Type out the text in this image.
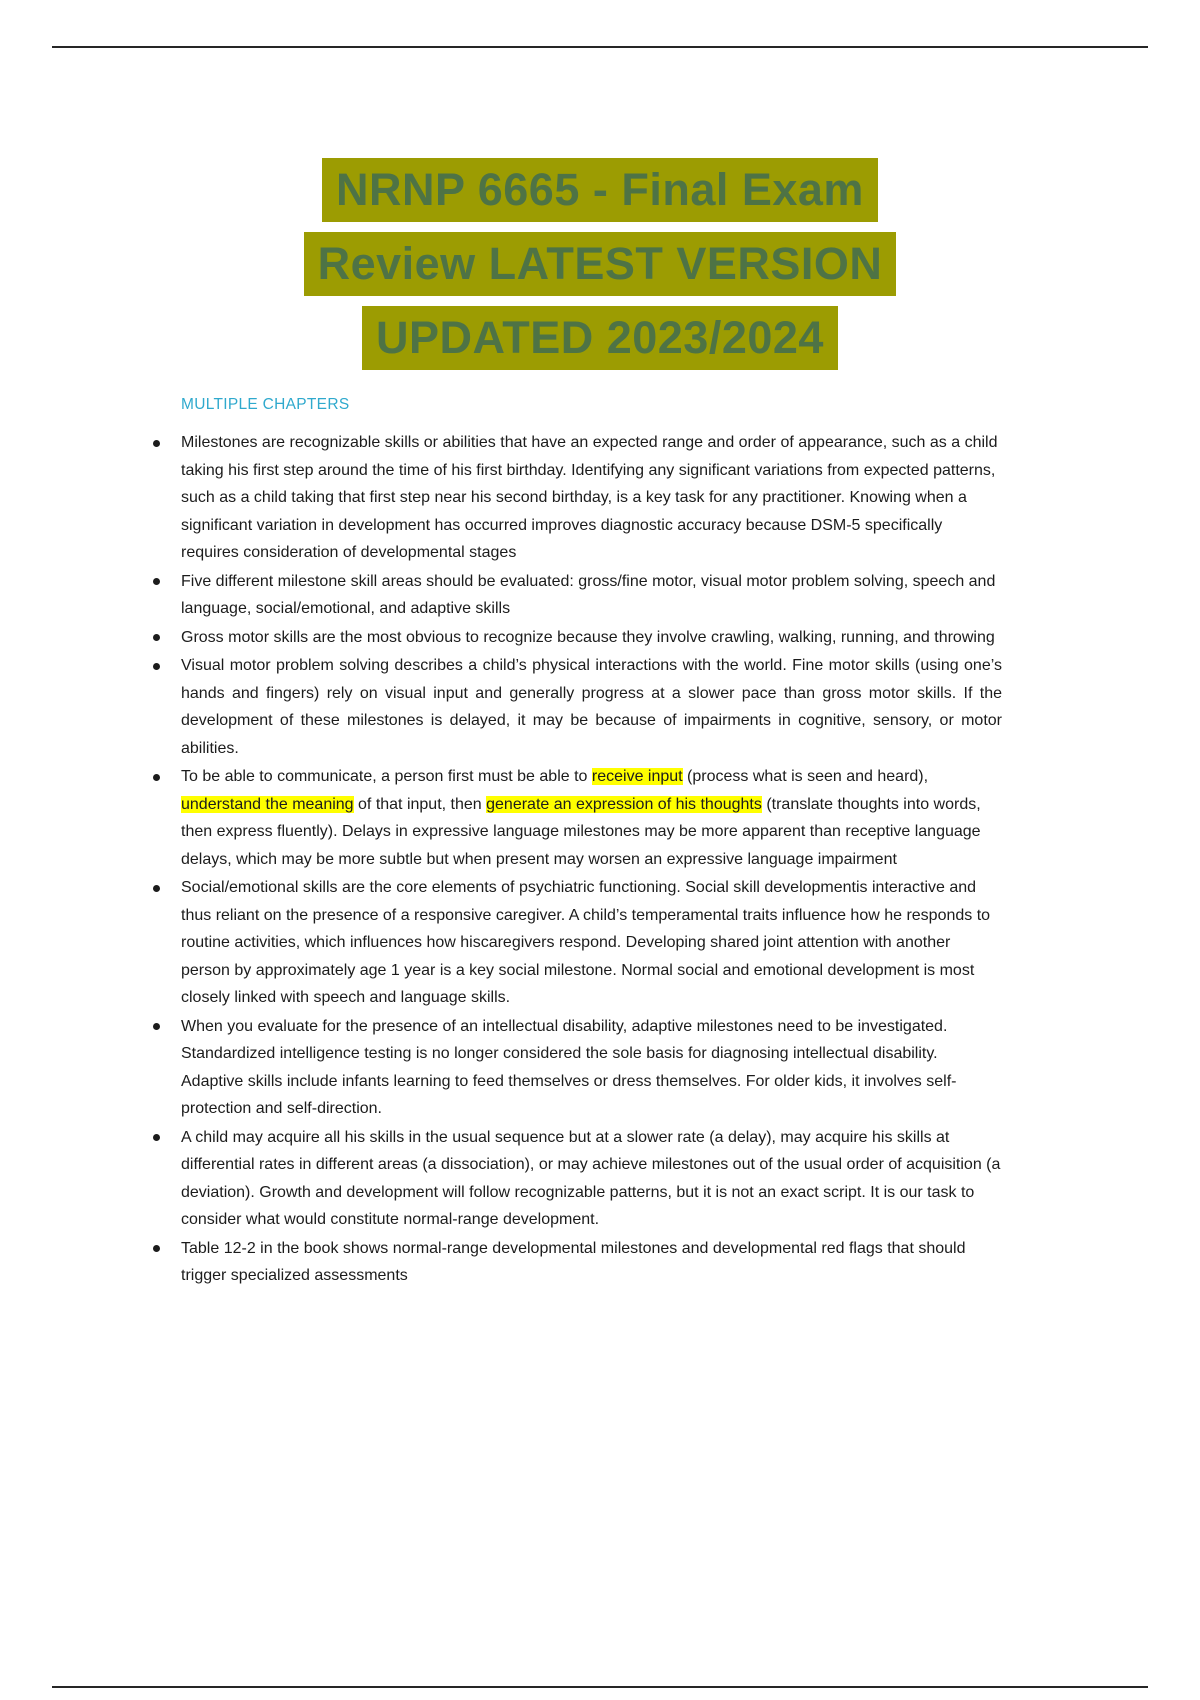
NRNP 6665 - Final Exam
Review LATEST VERSION
UPDATED 2023/2024
MULTIPLE CHAPTERS
Milestones are recognizable skills or abilities that have an expected range and order of appearance, such as a child taking his first step around the time of his first birthday. Identifying any significant variations from expected patterns, such as a child taking that first step near his second birthday, is a key task for any practitioner. Knowing when a significant variation in development has occurred improves diagnostic accuracy because DSM-5 specifically requires consideration of developmental stages
Five different milestone skill areas should be evaluated: gross/fine motor, visual motor problem solving, speech and language, social/emotional, and adaptive skills
Gross motor skills are the most obvious to recognize because they involve crawling, walking, running, and throwing
Visual motor problem solving describes a child’s physical interactions with the world. Fine motor skills (using one’s hands and fingers) rely on visual input and generally progress at a slower pace than gross motor skills. If the development of these milestones is delayed, it may be because of impairments in cognitive, sensory, or motor abilities.
To be able to communicate, a person first must be able to receive input (process what is seen and heard), understand the meaning of that input, then generate an expression of his thoughts (translate thoughts into words, then express fluently). Delays in expressive language milestones may be more apparent than receptive language delays, which may be more subtle but when present may worsen an expressive language impairment
Social/emotional skills are the core elements of psychiatric functioning. Social skill developmentis interactive and thus reliant on the presence of a responsive caregiver. A child’s temperamental traits influence how he responds to routine activities, which influences how hiscaregivers respond. Developing shared joint attention with another person by approximately age 1 year is a key social milestone. Normal social and emotional development is most closely linked with speech and language skills.
When you evaluate for the presence of an intellectual disability, adaptive milestones need to be investigated. Standardized intelligence testing is no longer considered the sole basis for diagnosing intellectual disability. Adaptive skills include infants learning to feed themselves or dress themselves. For older kids, it involves self-protection and self-direction.
A child may acquire all his skills in the usual sequence but at a slower rate (a delay), may acquire his skills at differential rates in different areas (a dissociation), or may achieve milestones out of the usual order of acquisition (a deviation). Growth and development will follow recognizable patterns, but it is not an exact script. It is our task to consider what would constitute normal-range development.
Table 12-2 in the book shows normal-range developmental milestones and developmental red flags that should trigger specialized assessments
